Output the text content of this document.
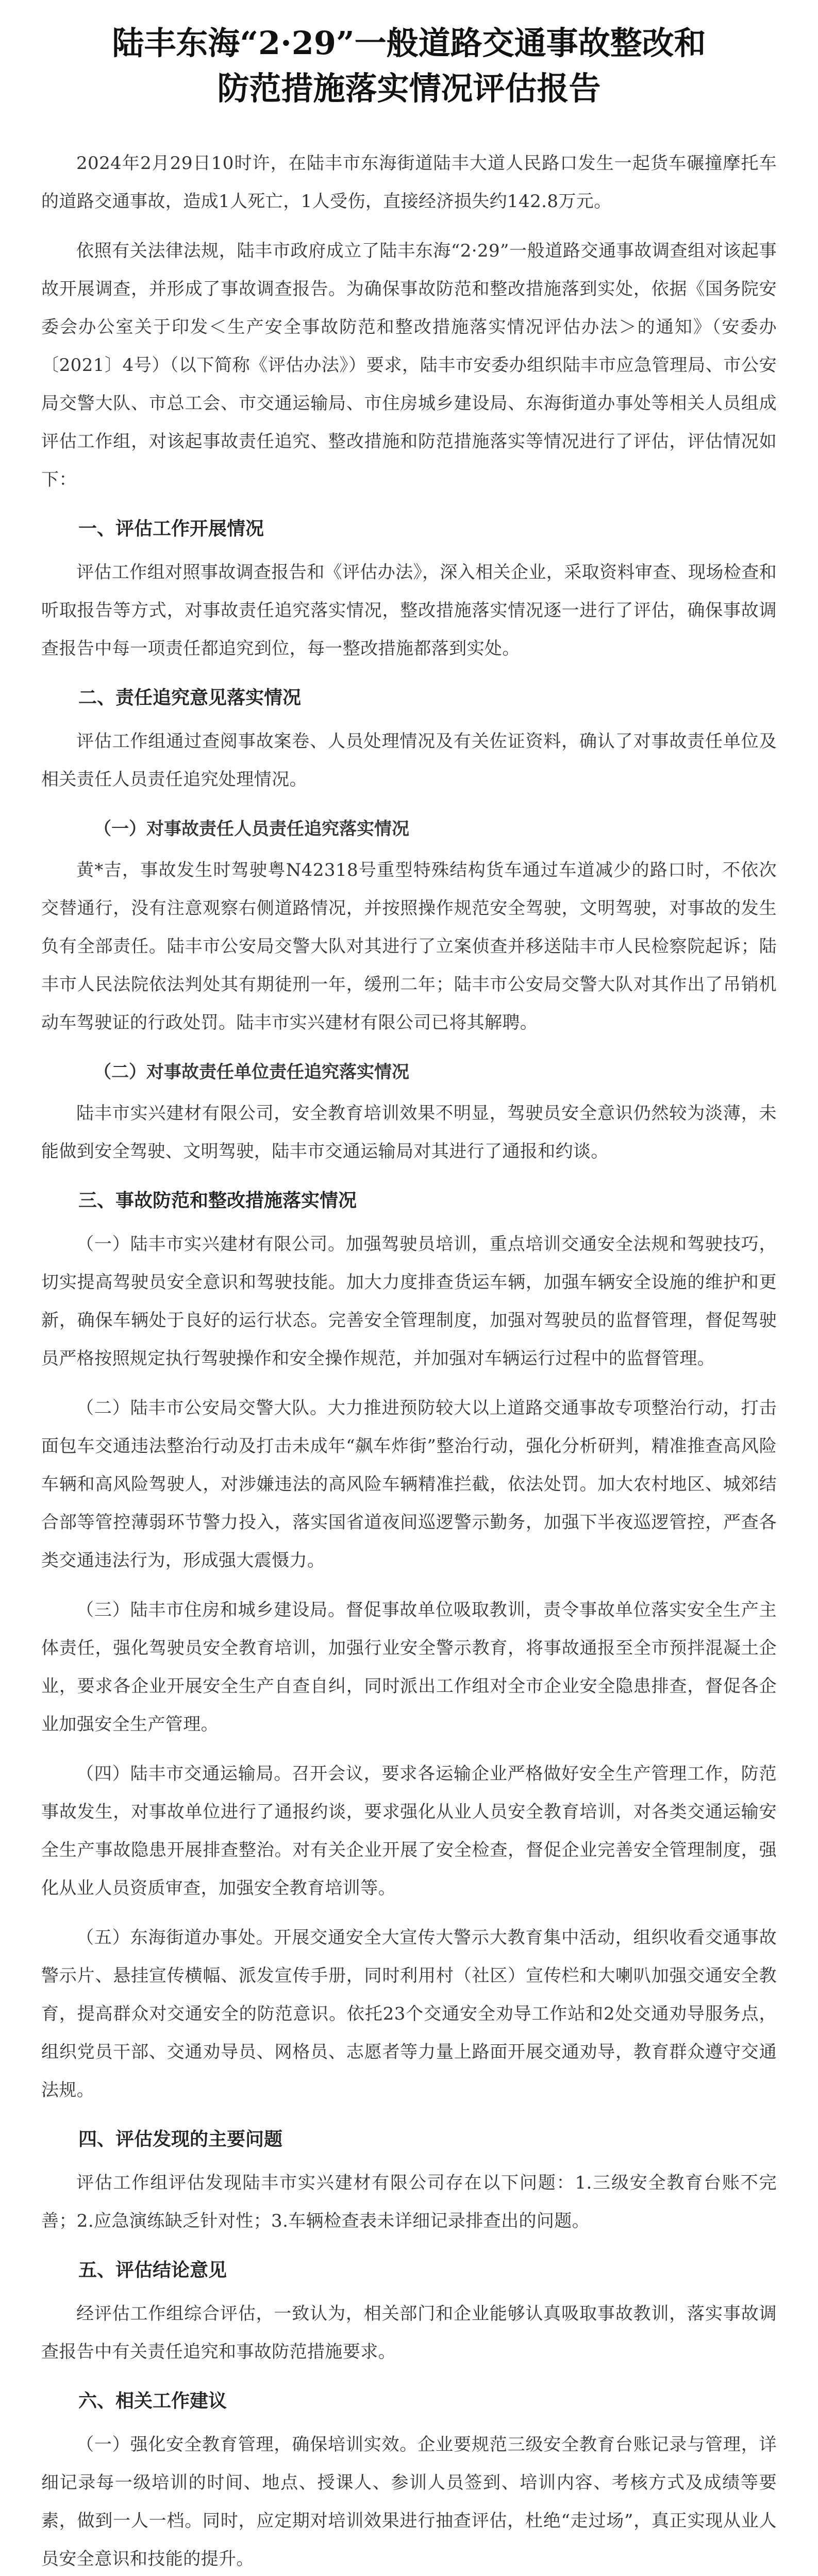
陆丰东海“2·29”一般道路交通事故整改和
防范措施落实情况评估报告

2024年2月29日10时许，在陆丰市东海街道陆丰大道人民路口发生一起货车碾撞摩托车的道路交通事故，造成1人死亡，1人受伤，直接经济损失约142.8万元。

依照有关法律法规，陆丰市政府成立了陆丰东海“2·29”一般道路交通事故调查组对该起事故开展调查，并形成了事故调查报告。为确保事故防范和整改措施落到实处，依据《国务院安委会办公室关于印发＜生产安全事故防范和整改措施落实情况评估办法＞的通知》（安委办〔2021〕4号）（以下简称《评估办法》）要求，陆丰市安委办组织陆丰市应急管理局、市公安局交警大队、市总工会、市交通运输局、市住房城乡建设局、东海街道办事处等相关人员组成评估工作组，对该起事故责任追究、整改措施和防范措施落实等情况进行了评估，评估情况如下：

一、评估工作开展情况

评估工作组对照事故调查报告和《评估办法》，深入相关企业，采取资料审查、现场检查和听取报告等方式，对事故责任追究落实情况，整改措施落实情况逐一进行了评估，确保事故调查报告中每一项责任都追究到位，每一整改措施都落到实处。

二、责任追究意见落实情况

评估工作组通过查阅事故案卷、人员处理情况及有关佐证资料，确认了对事故责任单位及相关责任人员责任追究处理情况。

（一）对事故责任人员责任追究落实情况

黄*吉，事故发生时驾驶粤N42318号重型特殊结构货车通过车道减少的路口时，不依次交替通行，没有注意观察右侧道路情况，并按照操作规范安全驾驶，文明驾驶，对事故的发生负有全部责任。陆丰市公安局交警大队对其进行了立案侦查并移送陆丰市人民检察院起诉；陆丰市人民法院依法判处其有期徒刑一年，缓刑二年；陆丰市公安局交警大队对其作出了吊销机动车驾驶证的行政处罚。陆丰市实兴建材有限公司已将其解聘。

（二）对事故责任单位责任追究落实情况

陆丰市实兴建材有限公司，安全教育培训效果不明显，驾驶员安全意识仍然较为淡薄，未能做到安全驾驶、文明驾驶，陆丰市交通运输局对其进行了通报和约谈。

三、事故防范和整改措施落实情况

（一）陆丰市实兴建材有限公司。加强驾驶员培训，重点培训交通安全法规和驾驶技巧，切实提高驾驶员安全意识和驾驶技能。加大力度排查货运车辆，加强车辆安全设施的维护和更新，确保车辆处于良好的运行状态。完善安全管理制度，加强对驾驶员的监督管理，督促驾驶员严格按照规定执行驾驶操作和安全操作规范，并加强对车辆运行过程中的监督管理。

（二）陆丰市公安局交警大队。大力推进预防较大以上道路交通事故专项整治行动，打击面包车交通违法整治行动及打击未成年“飙车炸街”整治行动，强化分析研判，精准推查高风险车辆和高风险驾驶人，对涉嫌违法的高风险车辆精准拦截，依法处罚。加大农村地区、城郊结合部等管控薄弱环节警力投入，落实国省道夜间巡逻警示勤务，加强下半夜巡逻管控，严查各类交通违法行为，形成强大震慑力。

（三）陆丰市住房和城乡建设局。督促事故单位吸取教训，责令事故单位落实安全生产主体责任，强化驾驶员安全教育培训，加强行业安全警示教育，将事故通报至全市预拌混凝土企业，要求各企业开展安全生产自查自纠，同时派出工作组对全市企业安全隐患排查，督促各企业加强安全生产管理。

（四）陆丰市交通运输局。召开会议，要求各运输企业严格做好安全生产管理工作，防范事故发生，对事故单位进行了通报约谈，要求强化从业人员安全教育培训，对各类交通运输安全生产事故隐患开展排查整治。对有关企业开展了安全检查，督促企业完善安全管理制度，强化从业人员资质审查，加强安全教育培训等。

（五）东海街道办事处。开展交通安全大宣传大警示大教育集中活动，组织收看交通事故警示片、悬挂宣传横幅、派发宣传手册，同时利用村（社区）宣传栏和大喇叭加强交通安全教育，提高群众对交通安全的防范意识。依托23个交通安全劝导工作站和2处交通劝导服务点，组织党员干部、交通劝导员、网格员、志愿者等力量上路面开展交通劝导，教育群众遵守交通法规。

四、评估发现的主要问题

评估工作组评估发现陆丰市实兴建材有限公司存在以下问题：1.三级安全教育台账不完善；2.应急演练缺乏针对性；3.车辆检查表未详细记录排查出的问题。

五、评估结论意见

经评估工作组综合评估，一致认为，相关部门和企业能够认真吸取事故教训，落实事故调查报告中有关责任追究和事故防范措施要求。

六、相关工作建议

（一）强化安全教育管理，确保培训实效。企业要规范三级安全教育台账记录与管理，详细记录每一级培训的时间、地点、授课人、参训人员签到、培训内容、考核方式及成绩等要素，做到一人一档。同时，应定期对培训效果进行抽查评估，杜绝“走过场”，真正实现从业人员安全意识和技能的提升。
